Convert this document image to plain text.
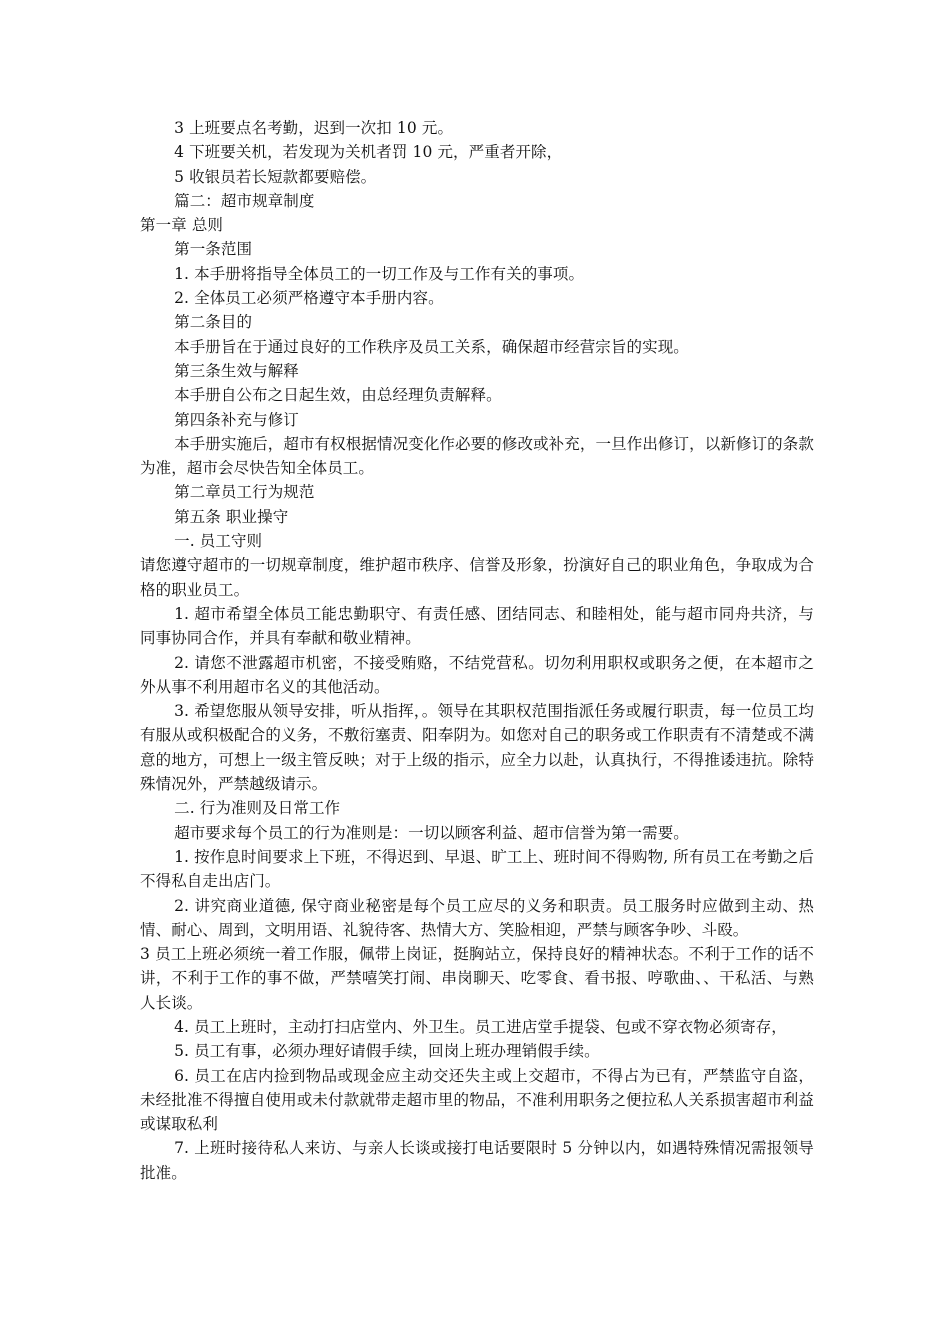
3 上班要点名考勤，迟到一次扣 10 元。

4 下班要关机，若发现为关机者罚 10 元，严重者开除，

5 收银员若长短款都要赔偿。

篇二：超市规章制度

第一章 总则

第一条范围

1. 本手册将指导全体员工的一切工作及与工作有关的事项。

2. 全体员工必须严格遵守本手册内容。

第二条目的

本手册旨在于通过良好的工作秩序及员工关系，确保超市经营宗旨的实现。

第三条生效与解释

本手册自公布之日起生效，由总经理负责解释。

第四条补充与修订

本手册实施后，超市有权根据情况变化作必要的修改或补充，一旦作出修订，以新修订的条款为准，超市会尽快告知全体员工。

第二章员工行为规范

第五条 职业操守

一. 员工守则

请您遵守超市的一切规章制度，维护超市秩序、信誉及形象，扮演好自己的职业角色，争取成为合格的职业员工。

1. 超市希望全体员工能忠勤职守、有责任感、团结同志、和睦相处，能与超市同舟共济，与同事协同合作，并具有奉献和敬业精神。

2. 请您不泄露超市机密，不接受贿赂，不结党营私。切勿利用职权或职务之便，在本超市之外从事不利用超市名义的其他活动。

3. 希望您服从领导安排，听从指挥，。领导在其职权范围指派任务或履行职责，每一位员工均有服从或积极配合的义务，不敷衍塞责、阳奉阴为。如您对自己的职务或工作职责有不清楚或不满意的地方，可想上一级主管反映；对于上级的指示，应全力以赴，认真执行，不得推诿违抗。除特殊情况外，严禁越级请示。

二. 行为准则及日常工作

超市要求每个员工的行为准则是：一切以顾客利益、超市信誉为第一需要。

1. 按作息时间要求上下班，不得迟到、早退、旷工上、班时间不得购物, 所有员工在考勤之后不得私自走出店门。

2. 讲究商业道德, 保守商业秘密是每个员工应尽的义务和职责。员工服务时应做到主动、热情、耐心、周到，文明用语、礼貌待客、热情大方、笑脸相迎，严禁与顾客争吵、斗殴。

3 员工上班必须统一着工作服，佩带上岗证，挺胸站立，保持良好的精神状态。不利于工作的话不讲，不利于工作的事不做，严禁嘻笑打闹、串岗聊天、吃零食、看书报、哼歌曲、、干私活、与熟人长谈。

4. 员工上班时，主动打扫店堂内、外卫生。员工进店堂手提袋、包或不穿衣物必须寄存，

5. 员工有事，必须办理好请假手续，回岗上班办理销假手续。

6. 员工在店内捡到物品或现金应主动交还失主或上交超市，不得占为已有，严禁监守自盗，未经批准不得擅自使用或未付款就带走超市里的物品，不准利用职务之便拉私人关系损害超市利益或谋取私利

7. 上班时接待私人来访、与亲人长谈或接打电话要限时 5 分钟以内，如遇特殊情况需报领导批准。
